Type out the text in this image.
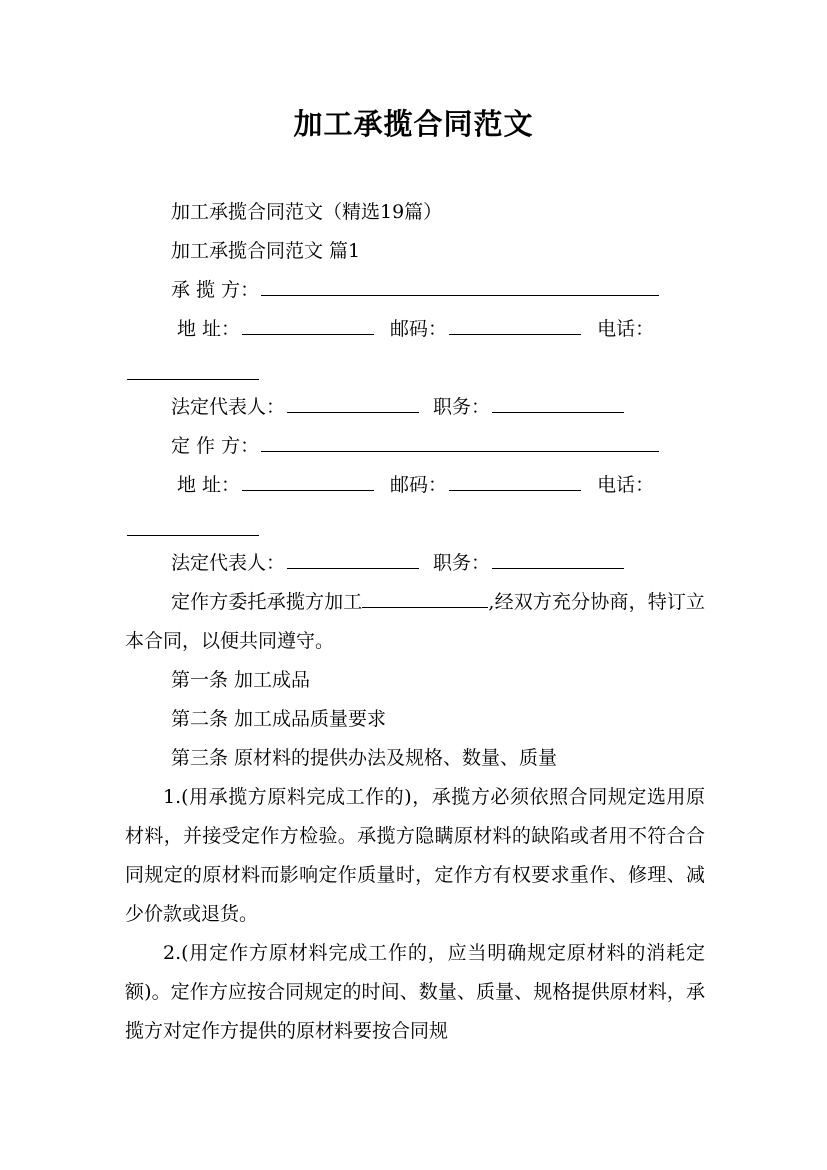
加工承揽合同范文

加工承揽合同范文（精选19篇）

加工承揽合同范文 篇1

承 揽 方：
地 址：	邮码：	电话：
法定代表人：	职务：
定 作 方：
地 址：	邮码：	电话：
法定代表人：	职务：

定作方委托承揽方加工	,经双方充分协商，特订立本合同，以便共同遵守。

第一条 加工成品

第二条 加工成品质量要求

第三条 原材料的提供办法及规格、数量、质量

1.(用承揽方原料完成工作的)，承揽方必须依照合同规定选用原材料，并接受定作方检验。承揽方隐瞒原材料的缺陷或者用不符合合同规定的原材料而影响定作质量时，定作方有权要求重作、修理、减少价款或退货。

2.(用定作方原材料完成工作的，应当明确规定原材料的消耗定额)。定作方应按合同规定的时间、数量、质量、规格提供原材料，承揽方对定作方提供的原材料要按合同规
